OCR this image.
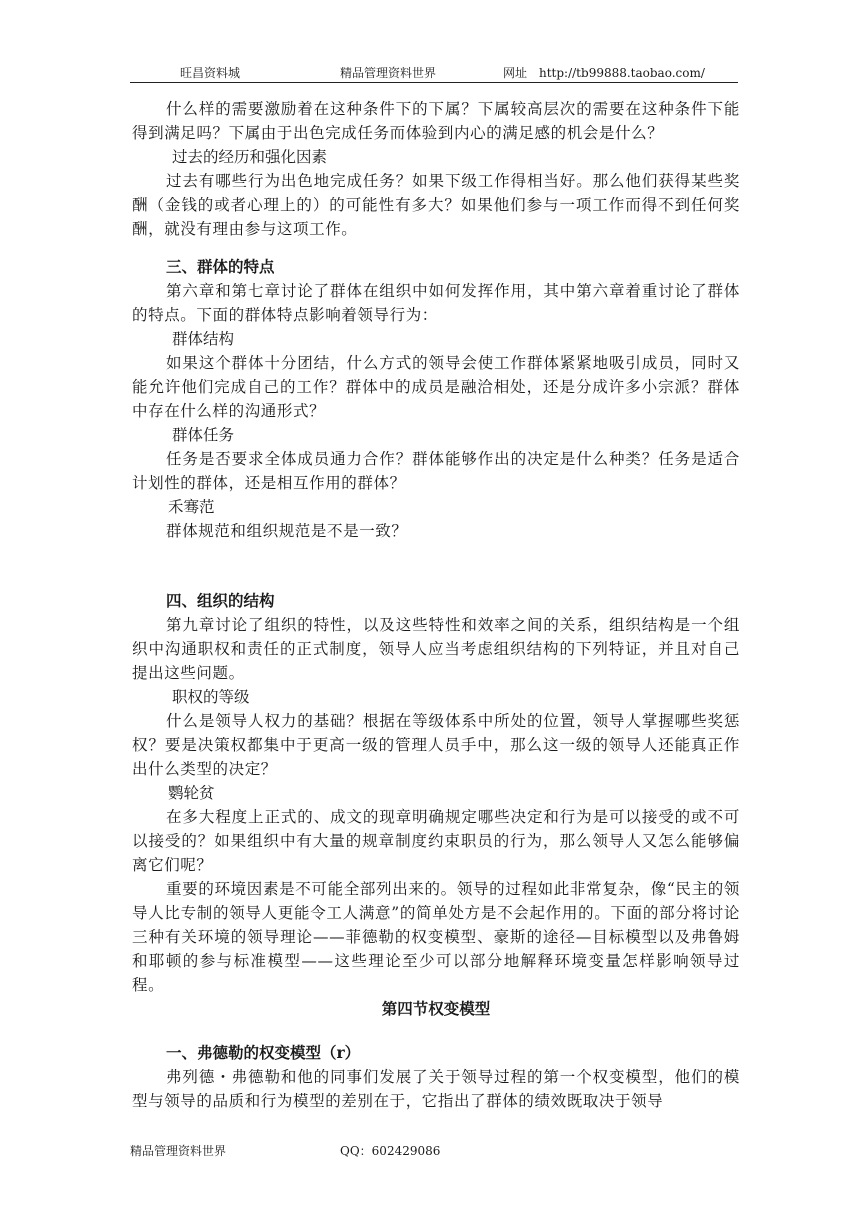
旺昌资料城	精品管理资料世界	网址　http://tb99888.taobao.com/

什么样的需要激励着在这种条件下的下属？下属较高层次的需要在这种条件下能得到满足吗？下属由于出色完成任务而体验到内心的满足感的机会是什么？

过去的经历和强化因素

过去有哪些行为出色地完成任务？如果下级工作得相当好。那么他们获得某些奖酬（金钱的或者心理上的）的可能性有多大？如果他们参与一项工作而得不到任何奖酬，就没有理由参与这项工作。

三、群体的特点

第六章和第七章讨论了群体在组织中如何发挥作用，其中第六章着重讨论了群体的特点。下面的群体特点影响着领导行为：

群体结构

如果这个群体十分团结，什么方式的领导会使工作群体紧紧地吸引成员，同时又能允许他们完成自己的工作？群体中的成员是融洽相处，还是分成许多小宗派？群体中存在什么样的沟通形式？

群体任务

任务是否要求全体成员通力合作？群体能够作出的决定是什么种类？任务是适合计划性的群体，还是相互作用的群体？

禾骞范

群体规范和组织规范是不是一致？

四、组织的结构

第九章讨论了组织的特性，以及这些特性和效率之间的关系，组织结构是一个组织中沟通职权和责任的正式制度，领导人应当考虑组织结构的下列特证，并且对自己提出这些问题。

职权的等级

什么是领导人权力的基础？根据在等级体系中所处的位置，领导人掌握哪些奖惩权？要是决策权都集中于更高一级的管理人员手中，那么这一级的领导人还能真正作出什么类型的决定？

鹦轮贫

在多大程度上正式的、成文的现章明确规定哪些决定和行为是可以接受的或不可以接受的？如果组织中有大量的规章制度约束职员的行为，那么领导人又怎么能够偏离它们呢？

重要的环境因素是不可能全部列出来的。领导的过程如此非常复杂，像“民主的领导人比专制的领导人更能令工人满意”的简单处方是不会起作用的。下面的部分将讨论三种有关环境的领导理论——菲德勒的权变模型、豪斯的途径—目标模型以及弗鲁姆和耶顿的参与标准模型——这些理论至少可以部分地解释环境变量怎样影响领导过程。

第四节权变模型

一、弗德勒的权变模型（r）

弗列德・弗德勒和他的同事们发展了关于领导过程的第一个权变模型，他们的模型与领导的品质和行为模型的差别在于，它指出了群体的绩效既取决于领导

精品管理资料世界	QQ：602429086
